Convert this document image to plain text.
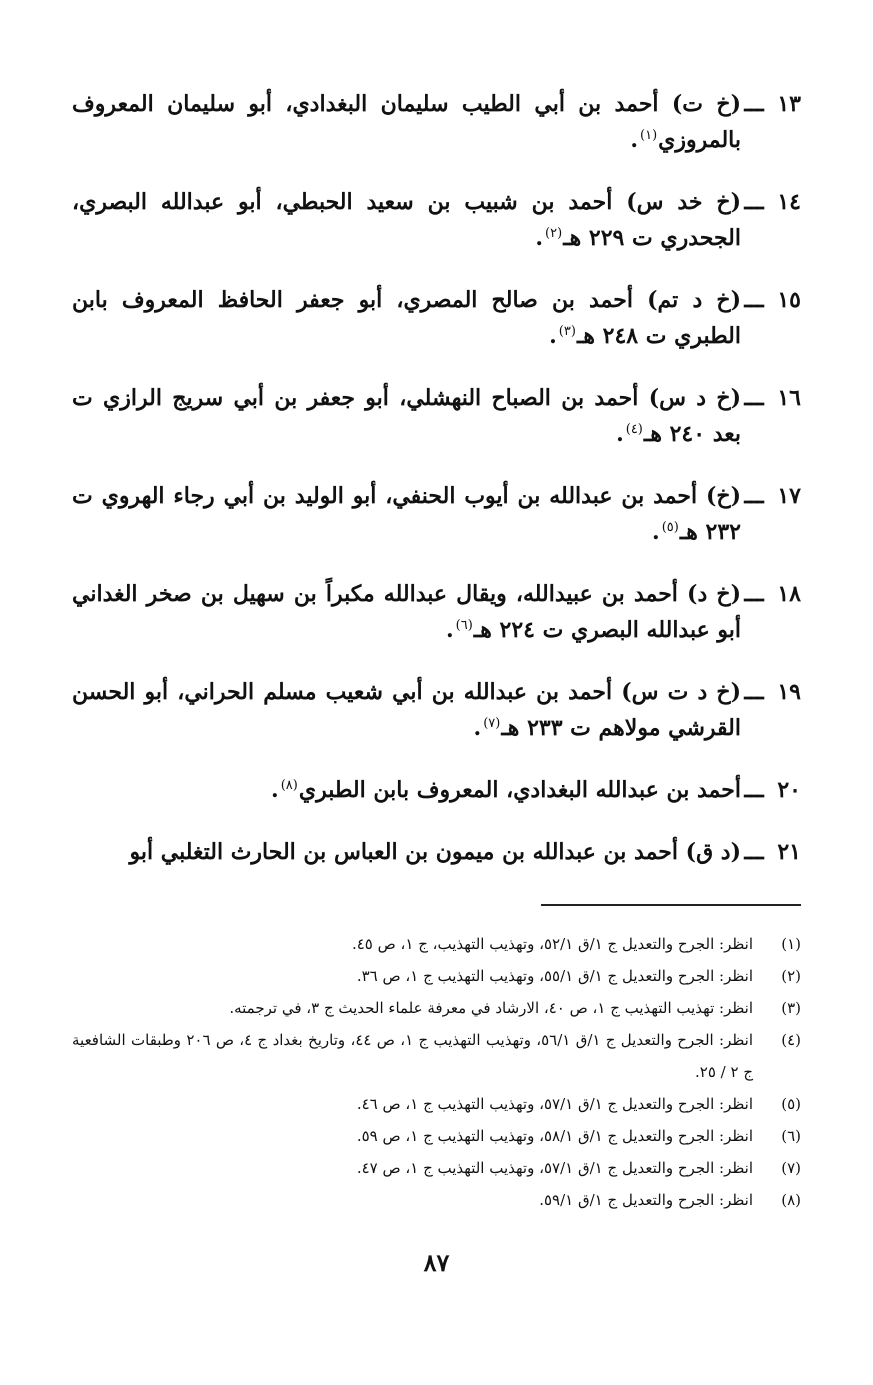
١٣
ـــ
(خ ت) أحمد بن أبي الطيب سليمان البغدادي، أبو سليمان المعروف بالمروزي$^{(١)}$.
١٤
ـــ
(خ خد س) أحمد بن شبيب بن سعيد الحبطي، أبو عبدالله البصري، الجحدري ت ٢٢٩ هـ$^{(٢)}$.
١٥
ـــ
(خ د تم) أحمد بن صالح المصري، أبو جعفر الحافظ المعروف بابن الطبري ت ٢٤٨ هـ$^{(٣)}$.
١٦
ـــ
(خ د س) أحمد بن الصباح النهشلي، أبو جعفر بن أبي سريج الرازي ت بعد ٢٤٠ هـ$^{(٤)}$.
١٧
ـــ
(خ) أحمد بن عبدالله بن أيوب الحنفي، أبو الوليد بن أبي رجاء الهروي ت ٢٣٢ هـ$^{(٥)}$.
١٨
ـــ
(خ د) أحمد بن عبيدالله، ويقال عبدالله مكبراً بن سهيل بن صخر الغداني أبو عبدالله البصري ت ٢٢٤ هـ$^{(٦)}$.
١٩
ـــ
(خ د ت س) أحمد بن عبدالله بن أبي شعيب مسلم الحراني، أبو الحسن القرشي مولاهم ت ٢٣٣ هـ$^{(٧)}$.
٢٠
ـــ
أحمد بن عبدالله البغدادي، المعروف بابن الطبري$^{(٨)}$.
٢١
ـــ
(د ق) أحمد بن عبدالله بن ميمون بن العباس بن الحارث التغلبي أبو
(١)
انظر: الجرح والتعديل ج ١/ق ٥٢/١، وتهذيب التهذيب، ج ١، ص ٤٥.
(٢)
انظر: الجرح والتعديل ج ١/ق ٥٥/١، وتهذيب التهذيب ج ١، ص ٣٦.
(٣)
انظر: تهذيب التهذيب ج ١، ص ٤٠، الارشاد في معرفة علماء الحديث ج ٣، في ترجمته.
(٤)
انظر: الجرح والتعديل ج ١/ق ٥٦/١، وتهذيب التهذيب ج ١، ص ٤٤، وتاريخ بغداد ج ٤، ص ٢٠٦ وطبقات الشافعية ج ٢ / ٢٥.
(٥)
انظر: الجرح والتعديل ج ١/ق ٥٧/١، وتهذيب التهذيب ج ١، ص ٤٦.
(٦)
انظر: الجرح والتعديل ج ١/ق ٥٨/١، وتهذيب التهذيب ج ١، ص ٥٩.
(٧)
انظر: الجرح والتعديل ج ١/ق ٥٧/١، وتهذيب التهذيب ج ١، ص ٤٧.
(٨)
انظر: الجرح والتعديل ج ١/ق ٥٩/١.
٨٧
